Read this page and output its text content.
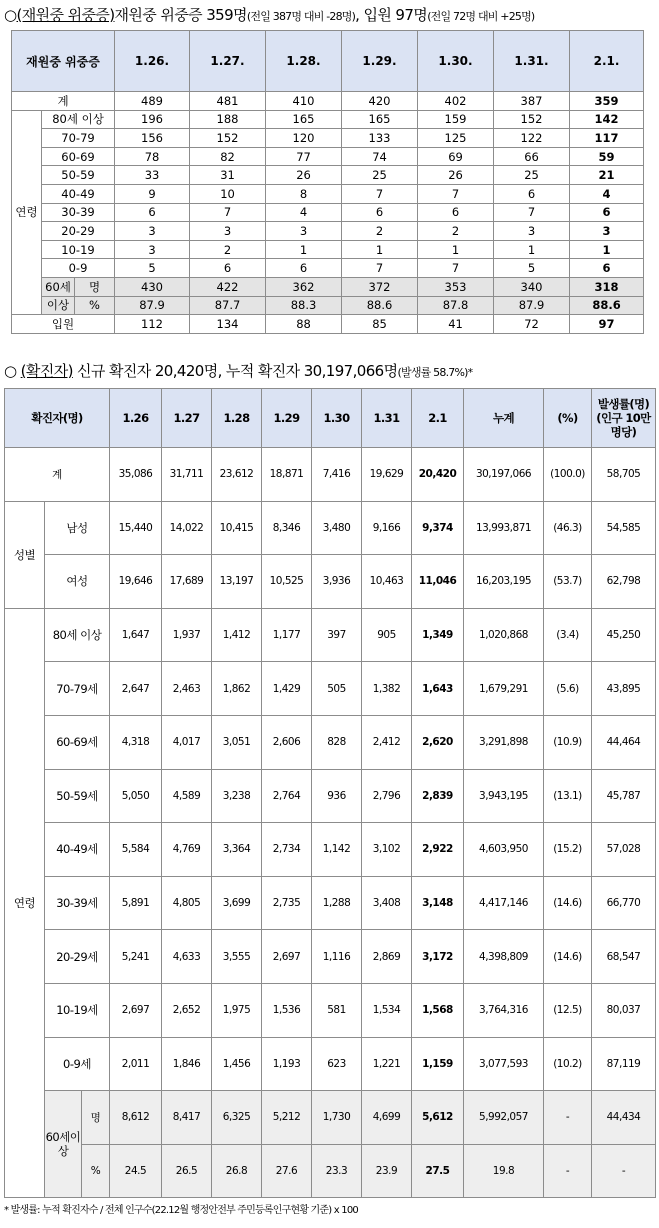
○(재원중 위중증)재원중 위중증 359명(전일 387명 대비 -28명), 입원 97명(전일 72명 대비 +25명)
재원중 위중증			1.26.	1.27.	1.28.	1.29.	1.30.	1.31.	2.1.
계			489	481	410	420	402	387	359
연령	80세 이상		196	188	165	165	159	152	142
	70-79		156	152	120	133	125	122	117
	60-69		78	82	77	74	69	66	59
	50-59		33	31	26	25	26	25	21
	40-49		9	10	8	7	7	6	4
	30-39		6	7	4	6	6	7	6
	20-29		3	3	3	2	2	3	3
	10-19		3	2	1	1	1	1	1
	0-9		5	6	6	7	7	5	6
	60세	명	430	422	362	372	353	340	318
	이상	%	87.9	87.7	88.3	88.6	87.8	87.9	88.6
입원			112	134	88	85	41	72	97
○ (확진자) 신규 확진자 20,420명, 누적 확진자 30,197,066명(발생률 58.7%)*
확진자(명)			1.26	1.27	1.28	1.29	1.30	1.31	2.1	누계	(%)	발생률(명) (인구 10만명당)
계			35,086	31,711	23,612	18,871	7,416	19,629	20,420	30,197,066	(100.0)	58,705
성별	남성		15,440	14,022	10,415	8,346	3,480	9,166	9,374	13,993,871	(46.3)	54,585
	여성		19,646	17,689	13,197	10,525	3,936	10,463	11,046	16,203,195	(53.7)	62,798
연령	80세 이상		1,647	1,937	1,412	1,177	397	905	1,349	1,020,868	(3.4)	45,250
	70-79세		2,647	2,463	1,862	1,429	505	1,382	1,643	1,679,291	(5.6)	43,895
	60-69세		4,318	4,017	3,051	2,606	828	2,412	2,620	3,291,898	(10.9)	44,464
	50-59세		5,050	4,589	3,238	2,764	936	2,796	2,839	3,943,195	(13.1)	45,787
	40-49세		5,584	4,769	3,364	2,734	1,142	3,102	2,922	4,603,950	(15.2)	57,028
	30-39세		5,891	4,805	3,699	2,735	1,288	3,408	3,148	4,417,146	(14.6)	66,770
	20-29세		5,241	4,633	3,555	2,697	1,116	2,869	3,172	4,398,809	(14.6)	68,547
	10-19세		2,697	2,652	1,975	1,536	581	1,534	1,568	3,764,316	(12.5)	80,037
	0-9세		2,011	1,846	1,456	1,193	623	1,221	1,159	3,077,593	(10.2)	87,119
	60세이상	명	8,612	8,417	6,325	5,212	1,730	4,699	5,612	5,992,057	-	44,434
		%	24.5	26.5	26.8	27.6	23.3	23.9	27.5	19.8	-	-
* 발생률: 누적 확진자수 / 전체 인구수(22.12월 행정안전부 주민등록인구현황 기준) x 100
